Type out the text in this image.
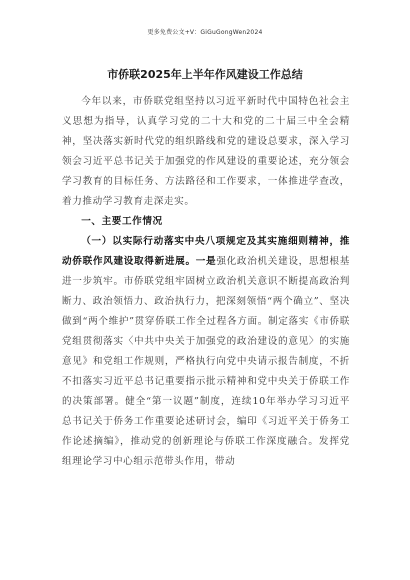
更多免费公文+V：GiGuGongWen2024
市侨联2025年上半年作风建设工作总结

今年以来，市侨联党组坚持以习近平新时代中国特色社会主义思想为指导，认真学习党的二十大和党的二十届三中全会精神，坚决落实新时代党的组织路线和党的建设总要求，深入学习领会习近平总书记关于加强党的作风建设的重要论述，充分领会学习教育的目标任务、方法路径和工作要求，一体推进学查改，着力推动学习教育走深走实。

一、主要工作情况

（一）以实际行动落实中央八项规定及其实施细则精神，推动侨联作风建设取得新进展。一是强化政治机关建设，思想根基进一步筑牢。市侨联党组牢固树立政治机关意识不断提高政治判断力、政治领悟力、政治执行力，把深刻领悟“两个确立”、坚决做到“两个维护”贯穿侨联工作全过程各方面。制定落实《市侨联党组贯彻落实〈中共中央关于加强党的政治建设的意见〉的实施意见》和党组工作规则，严格执行向党中央请示报告制度，不折不扣落实习近平总书记重要指示批示精神和党中央关于侨联工作的决策部署。健全“第一议题”制度，连续10年举办学习习近平总书记关于侨务工作重要论述研讨会，编印《习近平关于侨务工作论述摘编》，推动党的创新理论与侨联工作深度融合。发挥党组理论学习中心组示范带头作用，带动
